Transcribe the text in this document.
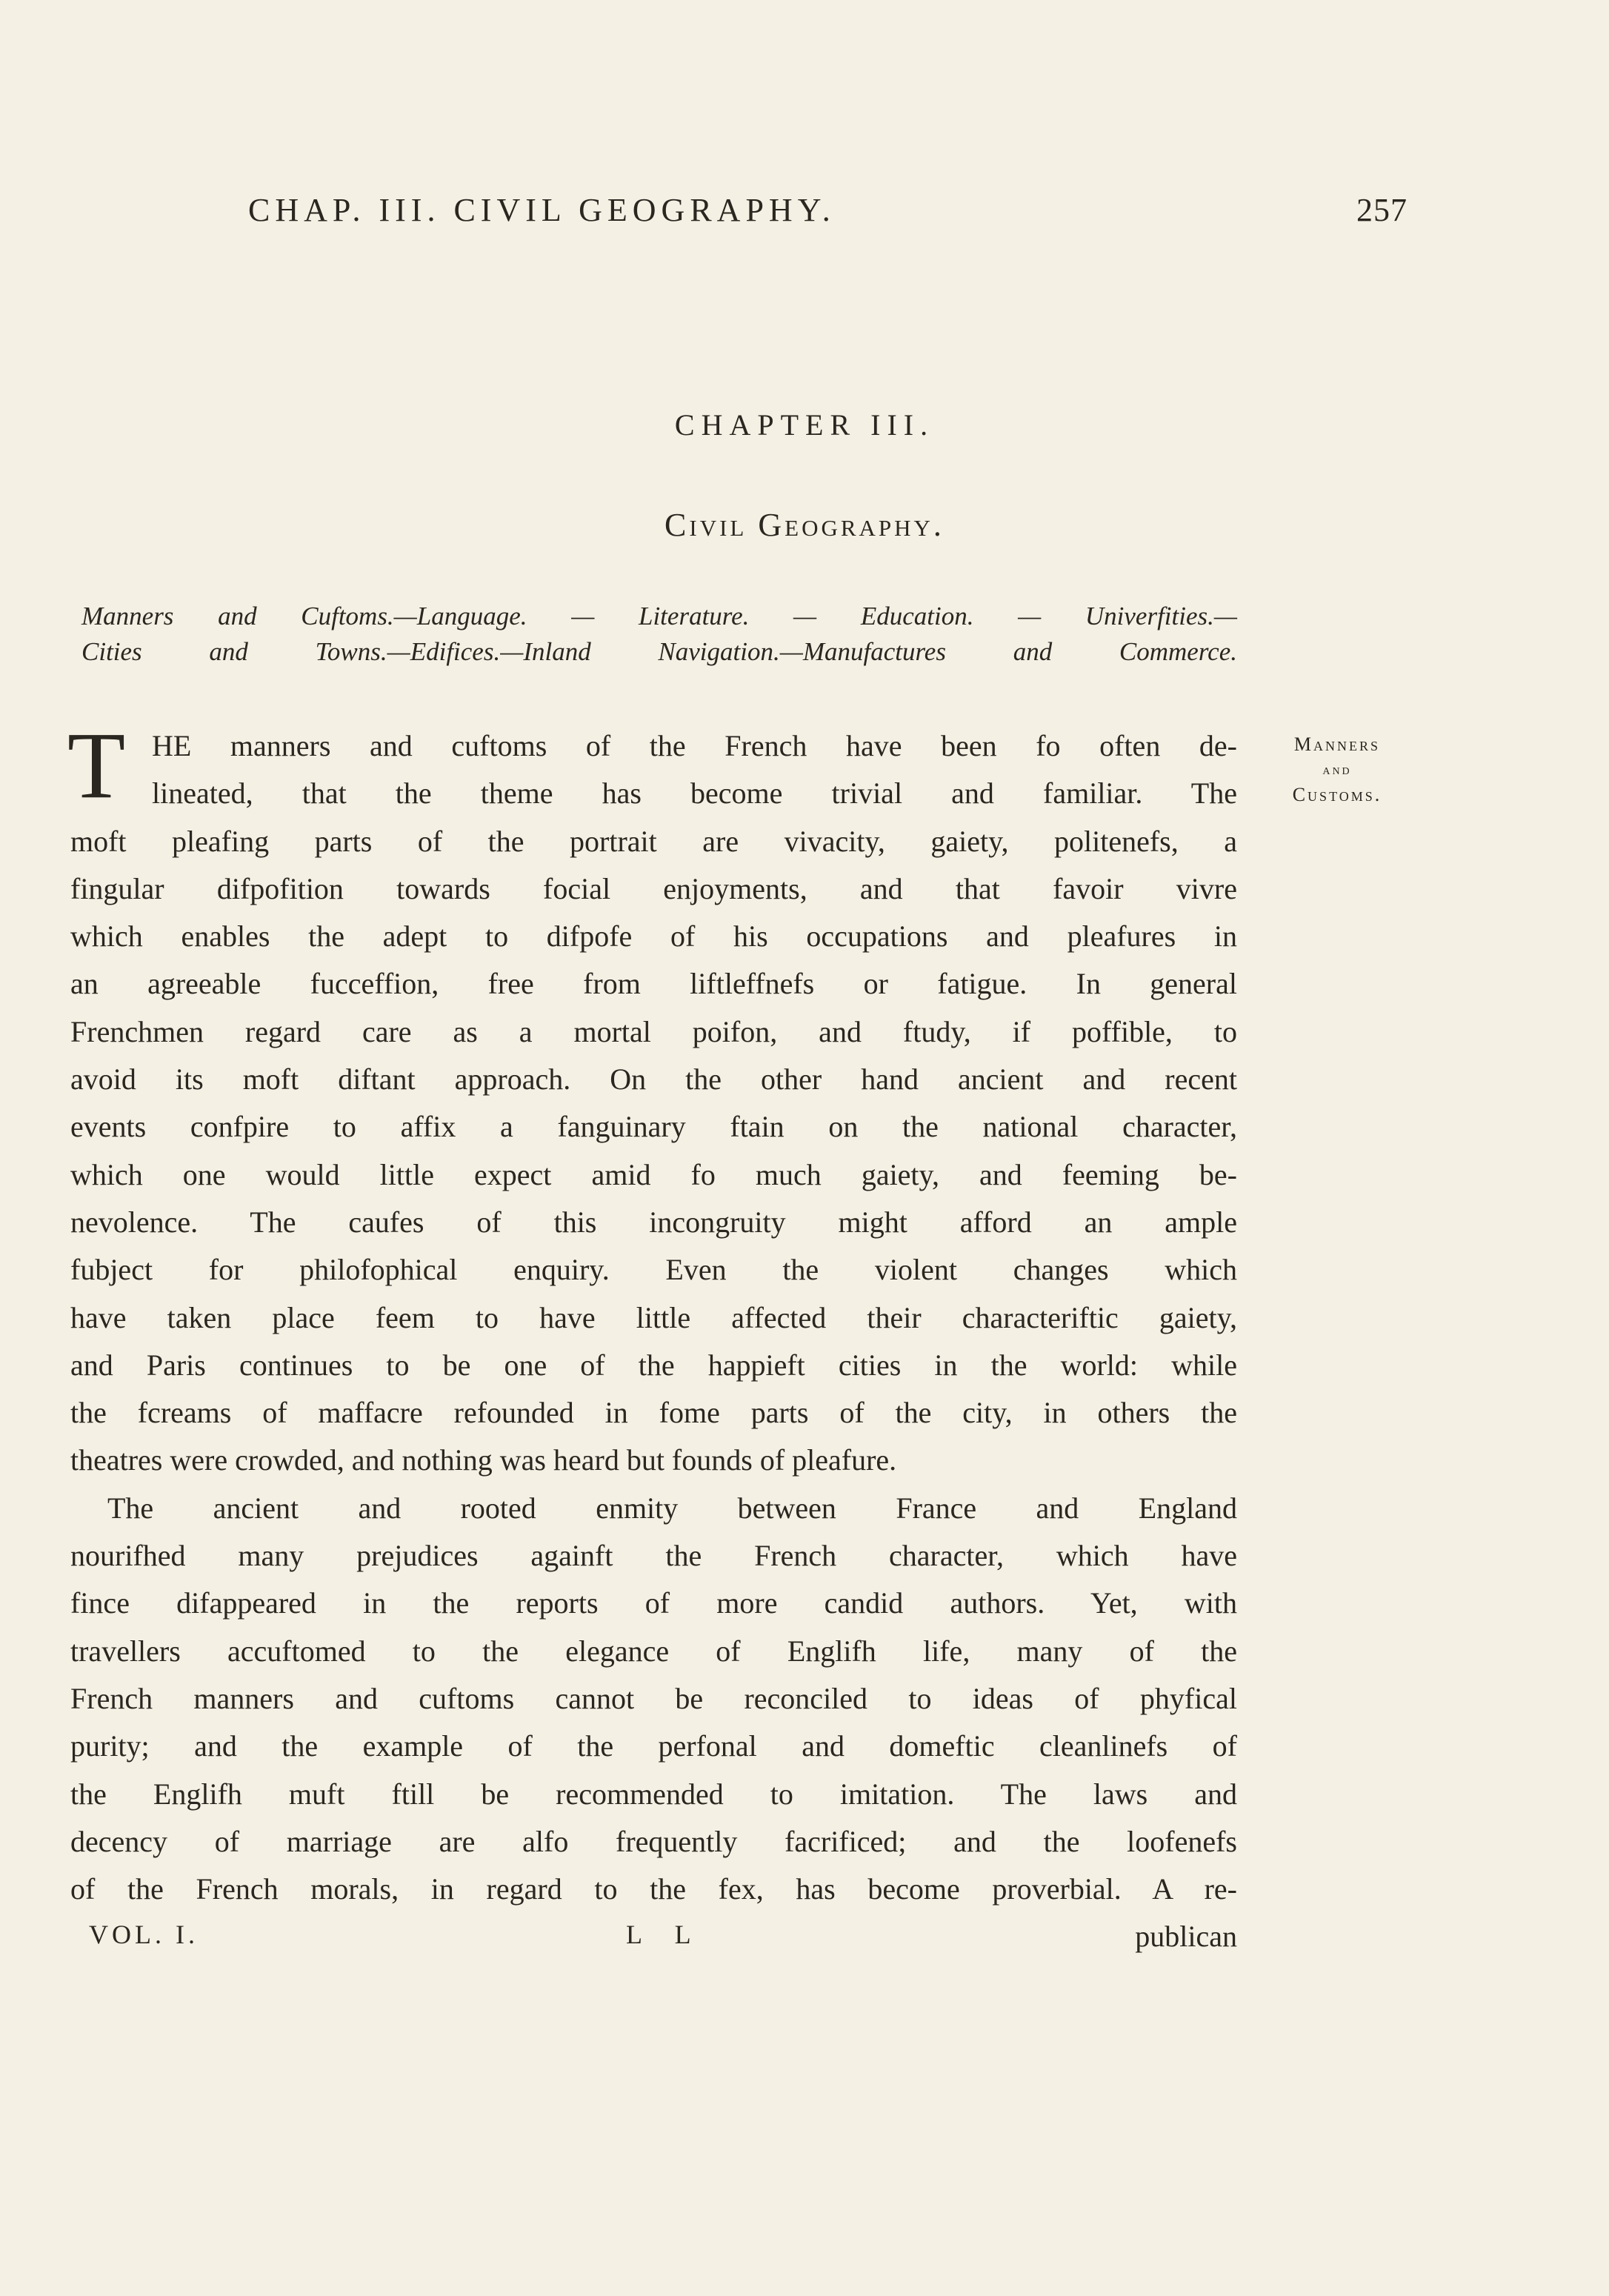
CHAP. III. CIVIL GEOGRAPHY.	257
CHAPTER III.
Civil Geography.
Manners and Cuftoms.—Language. — Literature. — Education. — Univerfities.—
Cities and Towns.—Edifices.—Inland Navigation.—Manufactures and Commerce.
Manners
and
Customs.
T HE manners and cuftoms of the French have been fo often de-
lineated, that the theme has become trivial and familiar. The
moft pleafing parts of the portrait are vivacity, gaiety, politenefs, a
fingular difpofition towards focial enjoyments, and that favoir vivre
which enables the adept to difpofe of his occupations and pleafures in
an agreeable fucceffion, free from liftleffnefs or fatigue. In general
Frenchmen regard care as a mortal poifon, and ftudy, if poffible, to
avoid its moft diftant approach. On the other hand ancient and recent
events confpire to affix a fanguinary ftain on the national character,
which one would little expect amid fo much gaiety, and feeming be-
nevolence. The caufes of this incongruity might afford an ample
fubject for philofophical enquiry. Even the violent changes which
have taken place feem to have little affected their characteriftic gaiety,
and Paris continues to be one of the happieft cities in the world: while
the fcreams of maffacre refounded in fome parts of the city, in others the
theatres were crowded, and nothing was heard but founds of pleafure.
The ancient and rooted enmity between France and England
nourifhed many prejudices againft the French character, which have
fince difappeared in the reports of more candid authors. Yet, with
travellers accuftomed to the elegance of Englifh life, many of the
French manners and cuftoms cannot be reconciled to ideas of phyfical
purity; and the example of the perfonal and domeftic cleanlinefs of
the Englifh muft ftill be recommended to imitation. The laws and
decency of marriage are alfo frequently facrificed; and the loofenefs
of the French morals, in regard to the fex, has become proverbial. A re-
VOL. I.	L L	publican
